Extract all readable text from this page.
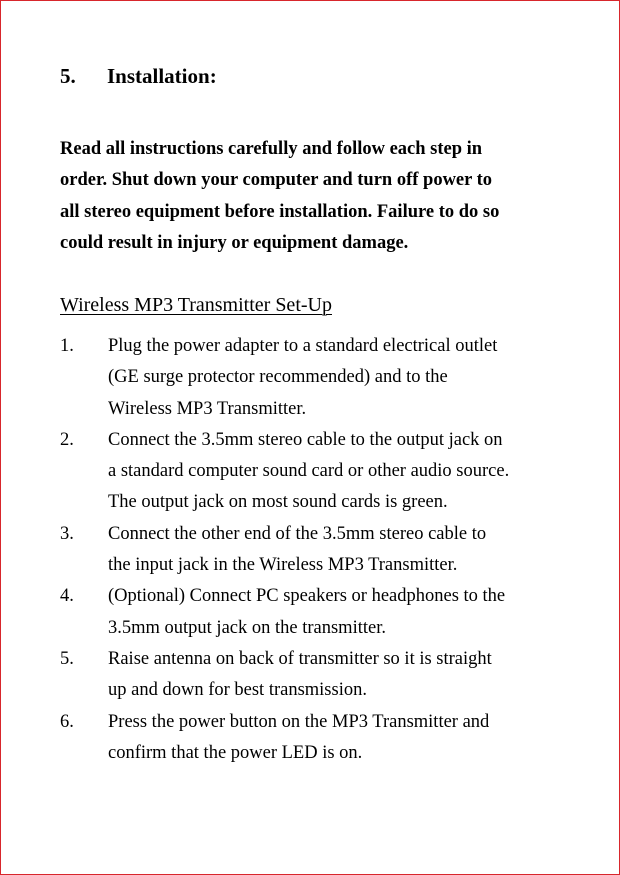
5. Installation:
Read all instructions carefully and follow each step in
order. Shut down your computer and turn off power to
all stereo equipment before installation. Failure to do so
could result in injury or equipment damage.
Wireless MP3 Transmitter Set-Up
1. Plug the power adapter to a standard electrical outlet
(GE surge protector recommended) and to the
Wireless MP3 Transmitter.
2. Connect the 3.5mm stereo cable to the output jack on
a standard computer sound card or other audio source.
The output jack on most sound cards is green.
3. Connect the other end of the 3.5mm stereo cable to
the input jack in the Wireless MP3 Transmitter.
4. (Optional) Connect PC speakers or headphones to the
3.5mm output jack on the transmitter.
5. Raise antenna on back of transmitter so it is straight
up and down for best transmission.
6. Press the power button on the MP3 Transmitter and
confirm that the power LED is on.
